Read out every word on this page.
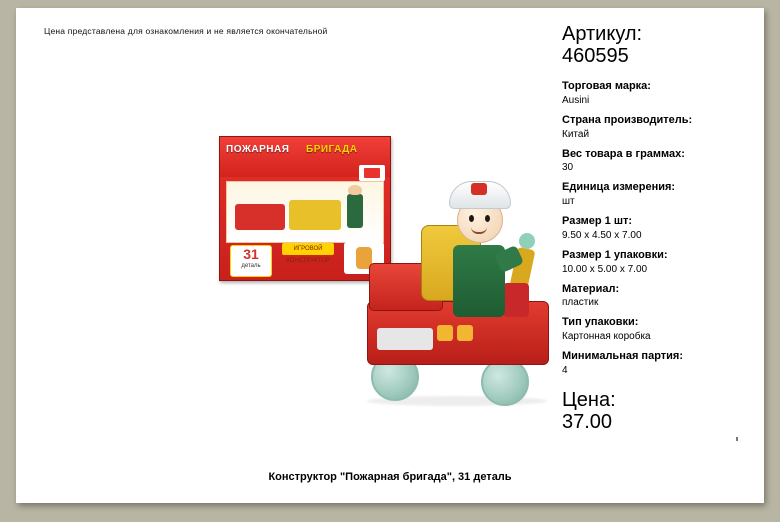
Цена представлена для ознакомления и не является окончательной
ПОЖАРНАЯ БРИГАДА
31
деталь
ИГРОВОЙ КОНСТРУКТОР
Артикул:
460595
Торговая марка:
Ausini
Страна производитель:
Китай
Вес товара в граммах:
30
Единица измерения:
шт
Размер 1 шт:
9.50 x 4.50 x 7.00
Размер 1 упаковки:
10.00 x 5.00 x 7.00
Материал:
пластик
Тип упаковки:
Картонная коробка
Минимальная партия:
4
Цена:
37.00
Конструктор "Пожарная бригада", 31 деталь
